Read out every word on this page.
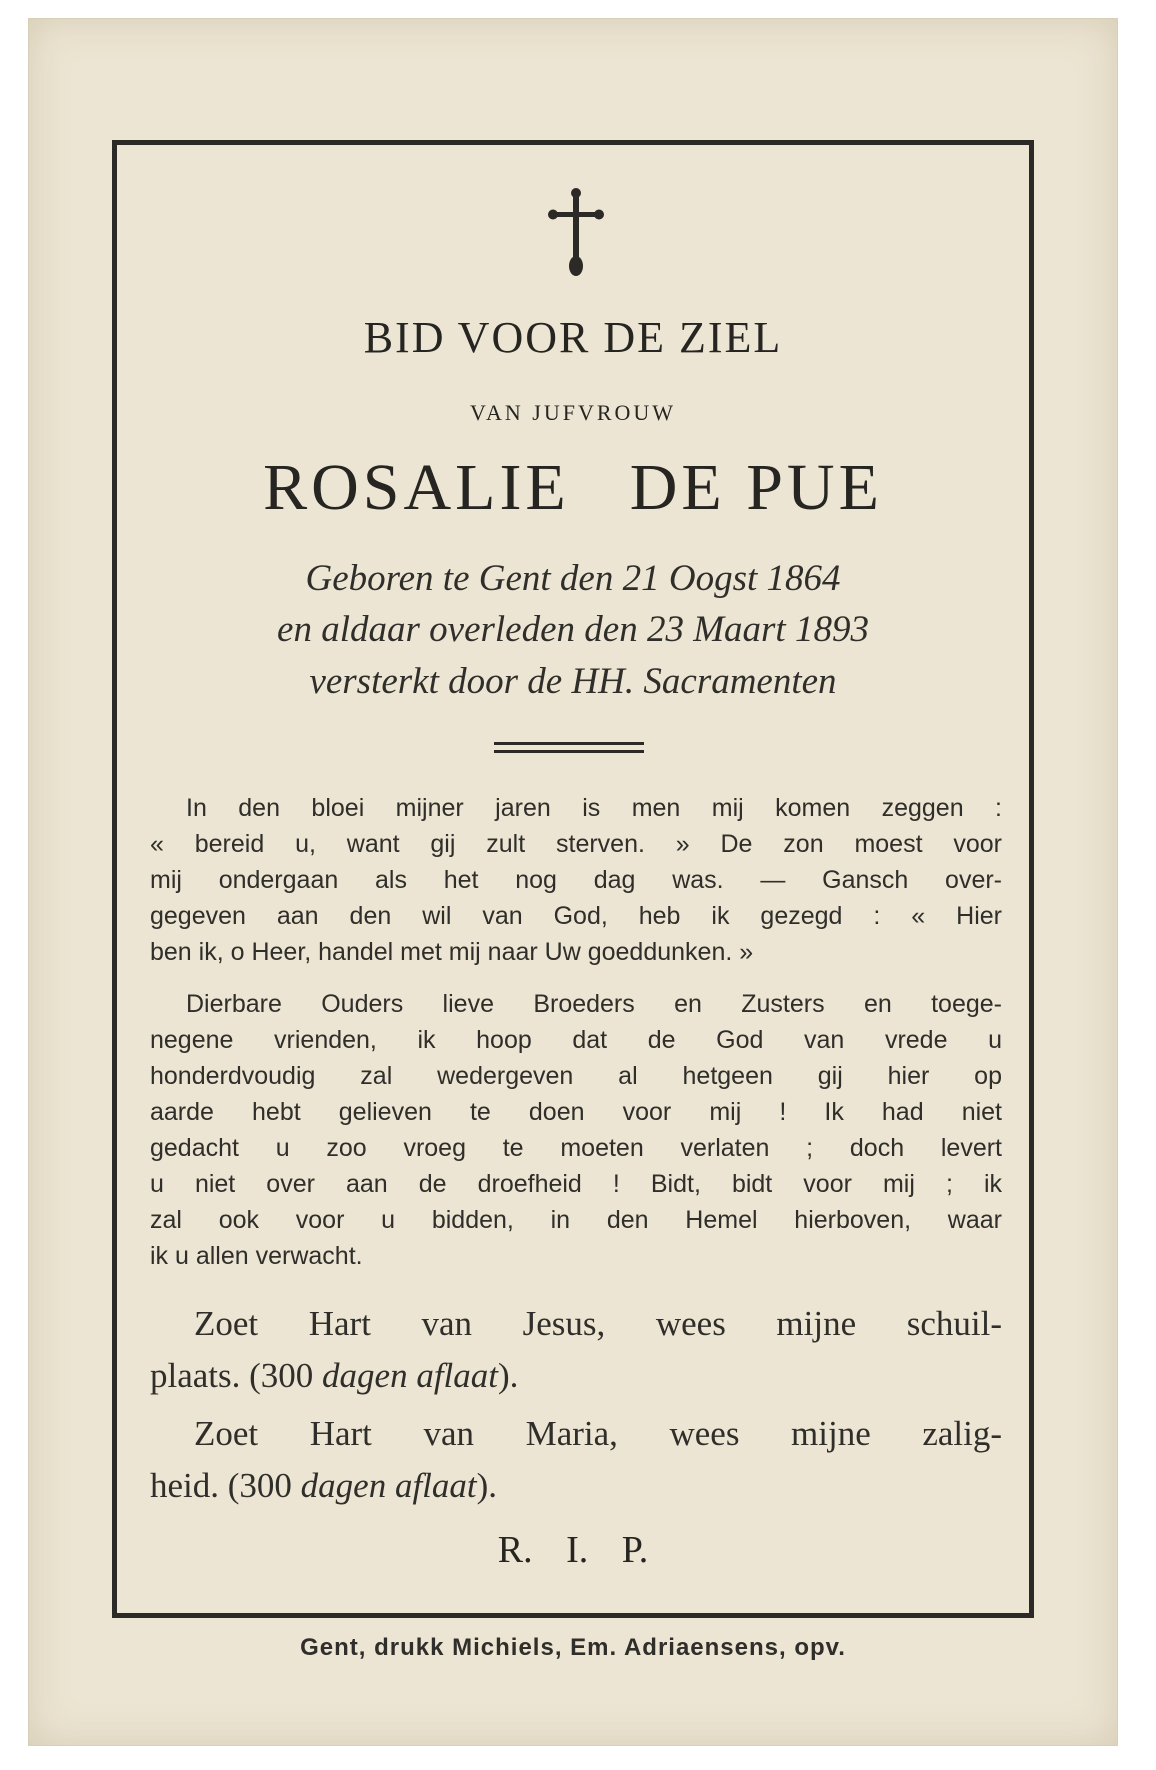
BID VOOR DE ZIEL
VAN JUFVROUW
ROSALIE DE PUE
Geboren te Gent den 21 Oogst 1864
en aldaar overleden den 23 Maart 1893
versterkt door de HH. Sacramenten
In den bloei mijner jaren is men mij komen zeggen :
« bereid u, want gij zult sterven. » De zon moest voor
mij ondergaan als het nog dag was. — Gansch over-
gegeven aan den wil van God, heb ik gezegd : « Hier
ben ik, o Heer, handel met mij naar Uw goeddunken. »
Dierbare Ouders lieve Broeders en Zusters en toege-
negene vrienden, ik hoop dat de God van vrede u
honderdvoudig zal wedergeven al hetgeen gij hier op
aarde hebt gelieven te doen voor mij ! Ik had niet
gedacht u zoo vroeg te moeten verlaten ; doch levert
u niet over aan de droefheid ! Bidt, bidt voor mij ; ik
zal ook voor u bidden, in den Hemel hierboven, waar
ik u allen verwacht.
Zoet Hart van Jesus, wees mijne schuil-
plaats. (300 dagen aflaat).
Zoet Hart van Maria, wees mijne zalig-
heid. (300 dagen aflaat).
R. I. P.
Gent, drukk Michiels, Em. Adriaensens, opv.
